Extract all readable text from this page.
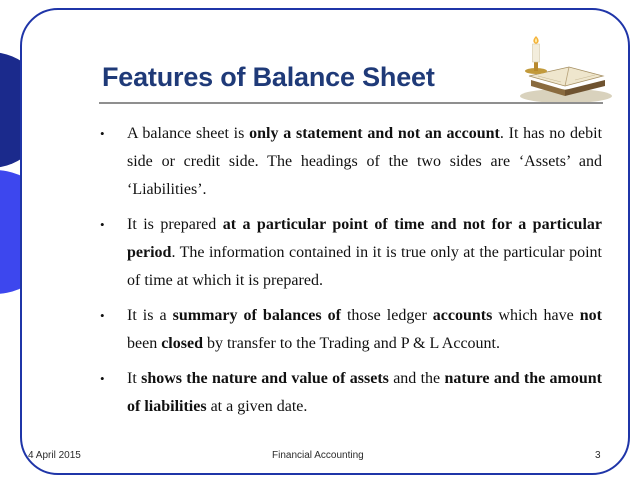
Features of Balance Sheet
• A balance sheet is only a statement and not an account. It has no debit side or credit side. The headings of the two sides are ‘Assets’ and ‘Liabilities’.
• It is prepared at a particular point of time and not for a particular period. The information contained in it is true only at the particular point of time at which it is prepared.
• It is a summary of balances of those ledger accounts which have not been closed by transfer to the Trading and P & L Account.
• It shows the nature and value of assets and the nature and the amount of liabilities at a given date.
4 April 2015	Financial Accounting	3
